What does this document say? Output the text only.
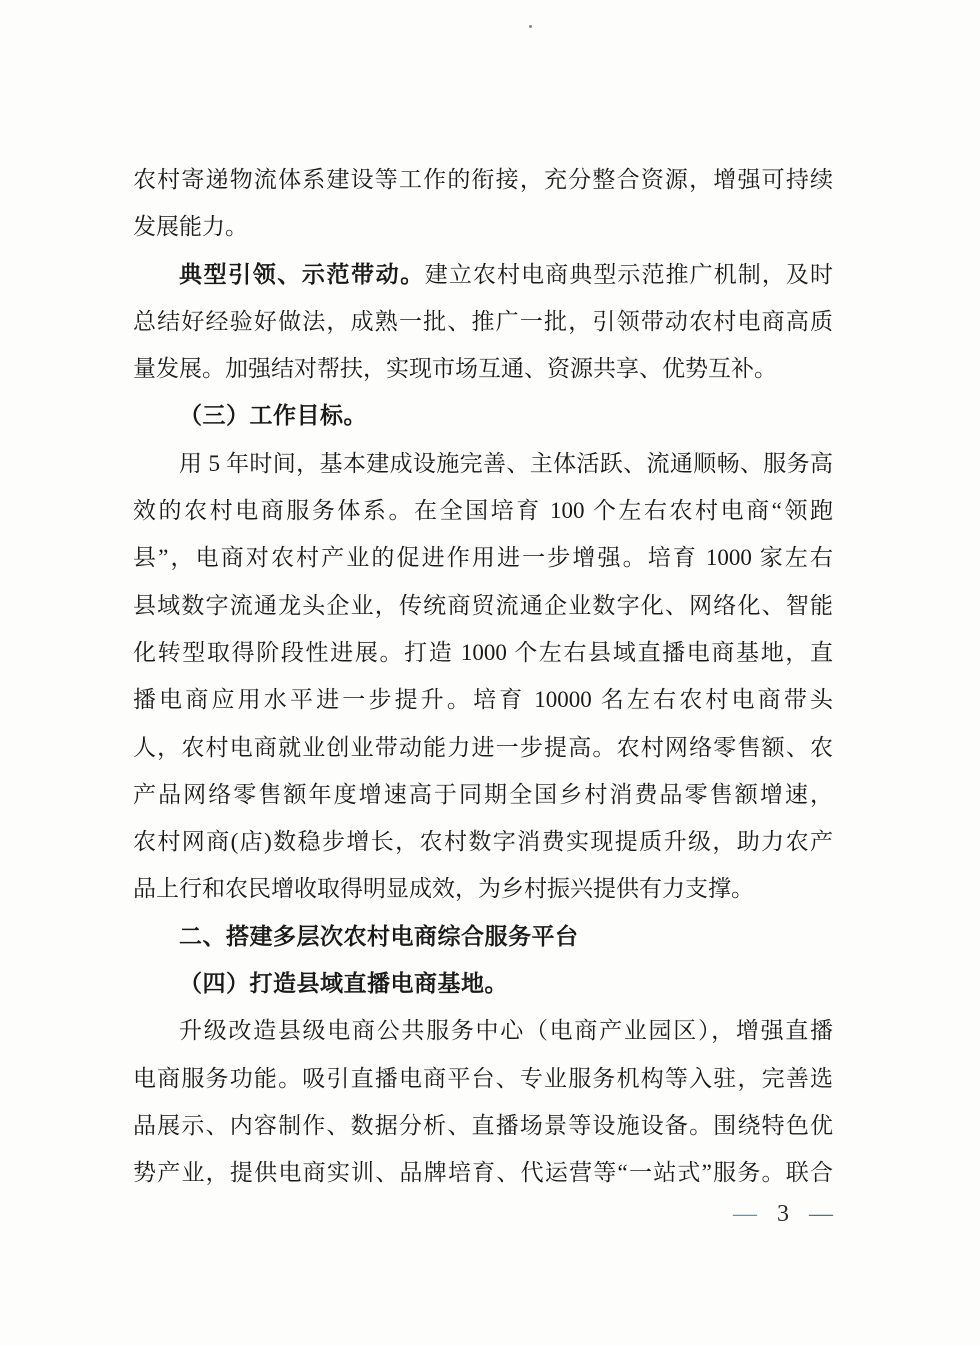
农村寄递物流体系建设等工作的衔接，充分整合资源，增强可持续
发展能力。
典型引领、示范带动。建立农村电商典型示范推广机制，及时
总结好经验好做法，成熟一批、推广一批，引领带动农村电商高质
量发展。加强结对帮扶，实现市场互通、资源共享、优势互补。
（三）工作目标。
用 5 年时间，基本建成设施完善、主体活跃、流通顺畅、服务高
效的农村电商服务体系。在全国培育 100 个左右农村电商“领跑
县”，电商对农村产业的促进作用进一步增强。培育 1000 家左右
县域数字流通龙头企业，传统商贸流通企业数字化、网络化、智能
化转型取得阶段性进展。打造 1000 个左右县域直播电商基地，直
播电商应用水平进一步提升。培育 10000 名左右农村电商带头
人，农村电商就业创业带动能力进一步提高。农村网络零售额、农
产品网络零售额年度增速高于同期全国乡村消费品零售额增速，
农村网商(店)数稳步增长，农村数字消费实现提质升级，助力农产
品上行和农民增收取得明显成效，为乡村振兴提供有力支撑。
二、搭建多层次农村电商综合服务平台
（四）打造县域直播电商基地。
升级改造县级电商公共服务中心（电商产业园区），增强直播
电商服务功能。吸引直播电商平台、专业服务机构等入驻，完善选
品展示、内容制作、数据分析、直播场景等设施设备。围绕特色优
势产业，提供电商实训、品牌培育、代运营等“一站式”服务。联合
— 3 —
